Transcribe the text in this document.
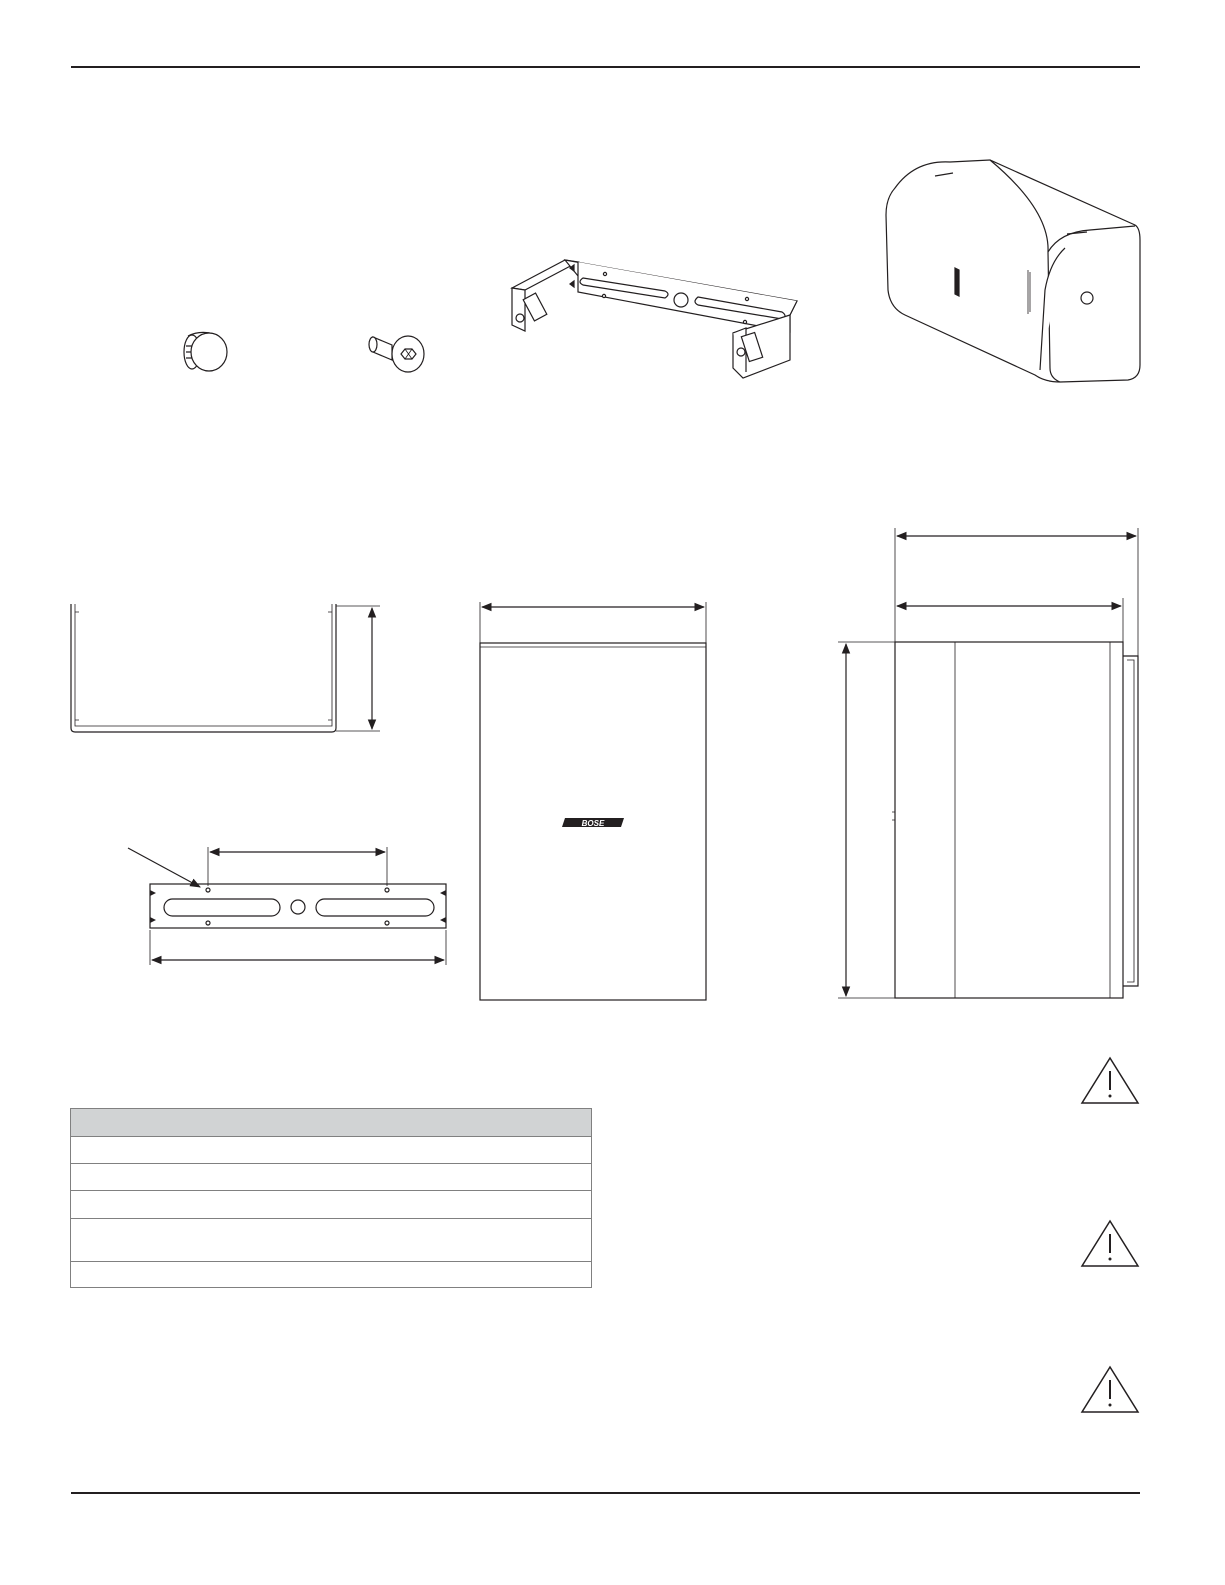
BOSE
